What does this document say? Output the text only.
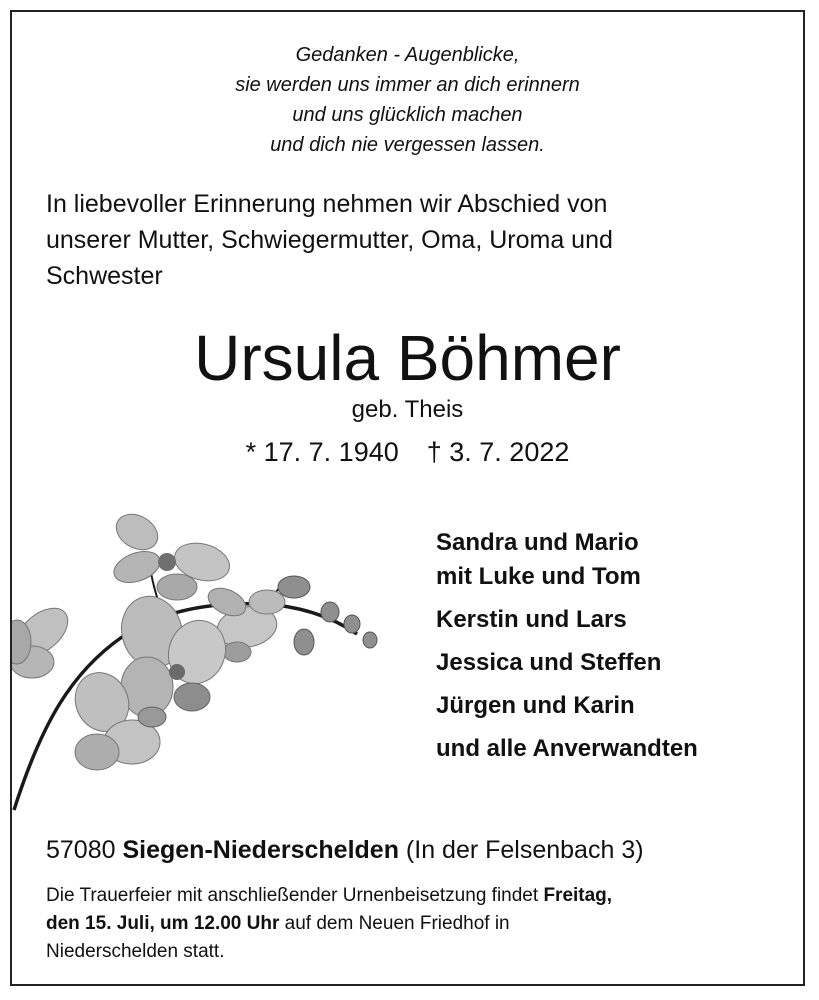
Gedanken - Augenblicke,
sie werden uns immer an dich erinnern
und uns glücklich machen
und dich nie vergessen lassen.
In liebevoller Erinnerung nehmen wir Abschied von
unserer Mutter, Schwiegermutter, Oma, Uroma und
Schwester
Ursula Böhmer
geb. Theis
* 17. 7. 1940 † 3. 7. 2022
Sandra und Mario
mit Luke und Tom
Kerstin und Lars
Jessica und Steffen
Jürgen und Karin
und alle Anverwandten
57080 Siegen-Niederschelden (In der Felsenbach 3)
Die Trauerfeier mit anschließender Urnenbeisetzung findet Freitag,
den 15. Juli, um 12.00 Uhr auf dem Neuen Friedhof in
Niederschelden statt.
